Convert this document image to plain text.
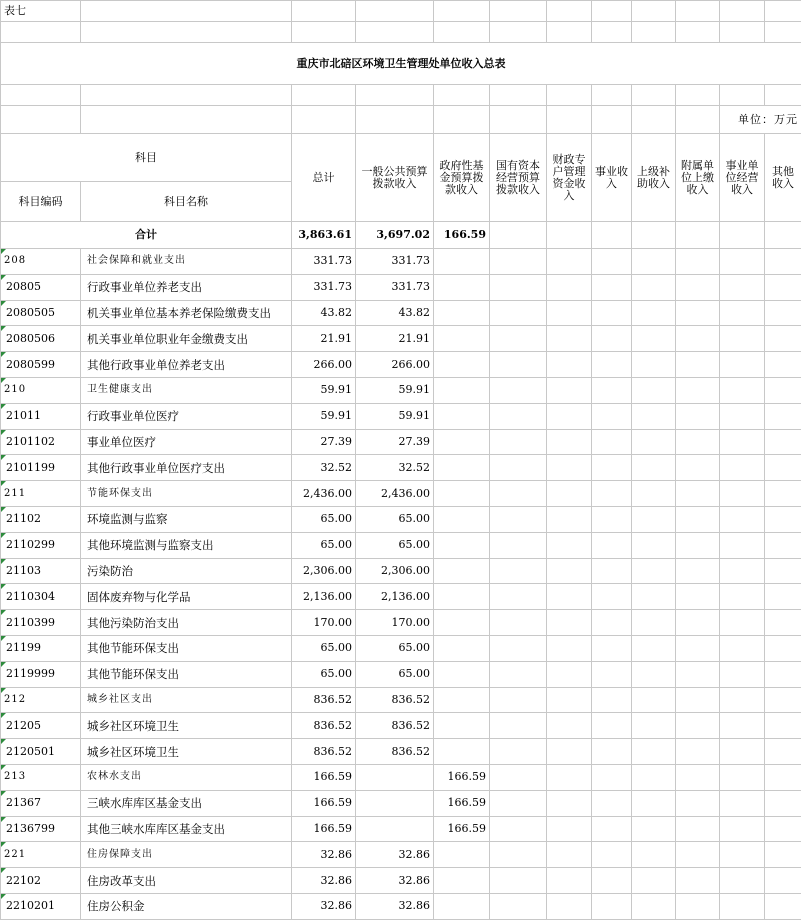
表七											

重庆市北碚区环境卫生管理处单位收入总表											

										单位：万元	
科目		总计	一般公共预算拨款收入	政府性基金预算拨款收入	国有资本经营预算拨款收入	财政专户管理资金收入	事业收入	上级补助收入	附属单位上缴收入	事业单位经营收入	其他收入
科目编码	科目名称										
合计		3,863.61	3,697.02	166.59							
208	社会保障和就业支出	331.73	331.73								
20805	行政事业单位养老支出	331.73	331.73								
2080505	机关事业单位基本养老保险缴费支出	43.82	43.82								
2080506	机关事业单位职业年金缴费支出	21.91	21.91								
2080599	其他行政事业单位养老支出	266.00	266.00								
210	卫生健康支出	59.91	59.91								
21011	行政事业单位医疗	59.91	59.91								
2101102	事业单位医疗	27.39	27.39								
2101199	其他行政事业单位医疗支出	32.52	32.52								
211	节能环保支出	2,436.00	2,436.00								
21102	环境监测与监察	65.00	65.00								
2110299	其他环境监测与监察支出	65.00	65.00								
21103	污染防治	2,306.00	2,306.00								
2110304	固体废弃物与化学品	2,136.00	2,136.00								
2110399	其他污染防治支出	170.00	170.00								
21199	其他节能环保支出	65.00	65.00								
2119999	其他节能环保支出	65.00	65.00								
212	城乡社区支出	836.52	836.52								
21205	城乡社区环境卫生	836.52	836.52								
2120501	城乡社区环境卫生	836.52	836.52								
213	农林水支出	166.59		166.59							
21367	三峡水库库区基金支出	166.59		166.59							
2136799	其他三峡水库库区基金支出	166.59		166.59							
221	住房保障支出	32.86	32.86								
22102	住房改革支出	32.86	32.86								
2210201	住房公积金	32.86	32.86								
